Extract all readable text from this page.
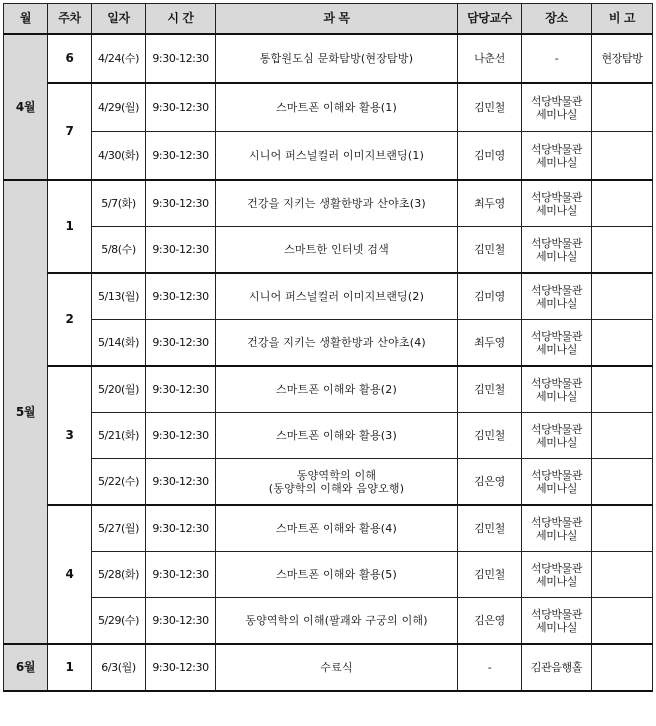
월	주차	일자	시 간	과 목	담당교수	장소	비 고
4월	6	4/24(수)	9:30-12:30	통합원도심 문화탐방(현장탐방)	나춘선	-	현장탐방
	7	4/29(월)	9:30-12:30	스마트폰 이해와 활용(1)	김민철	석당박물관
세미나실	
		4/30(화)	9:30-12:30	시니어 퍼스널컬러 이미지브랜딩(1)	김미영	석당박물관
세미나실	
5월	1	5/7(화)	9:30-12:30	건강을 지키는 생활한방과 산야초(3)	최두영	석당박물관
세미나실	
		5/8(수)	9:30-12:30	스마트한 인터넷 검색	김민철	석당박물관
세미나실	
	2	5/13(월)	9:30-12:30	시니어 퍼스널컬러 이미지브랜딩(2)	김미영	석당박물관
세미나실	
		5/14(화)	9:30-12:30	건강을 지키는 생활한방과 산야초(4)	최두영	석당박물관
세미나실	
	3	5/20(월)	9:30-12:30	스마트폰 이해와 활용(2)	김민철	석당박물관
세미나실	
		5/21(화)	9:30-12:30	스마트폰 이해와 활용(3)	김민철	석당박물관
세미나실	
		5/22(수)	9:30-12:30	동양역학의 이해
(동양학의 이해와 음양오행)	김은영	석당박물관
세미나실	
	4	5/27(월)	9:30-12:30	스마트폰 이해와 활용(4)	김민철	석당박물관
세미나실	
		5/28(화)	9:30-12:30	스마트폰 이해와 활용(5)	김민철	석당박물관
세미나실	
		5/29(수)	9:30-12:30	동양역학의 이해(팔괘와 구궁의 이해)	김은영	석당박물관
세미나실	
6월	1	6/3(월)	9:30-12:30	수료식	-	김관음행홀	
